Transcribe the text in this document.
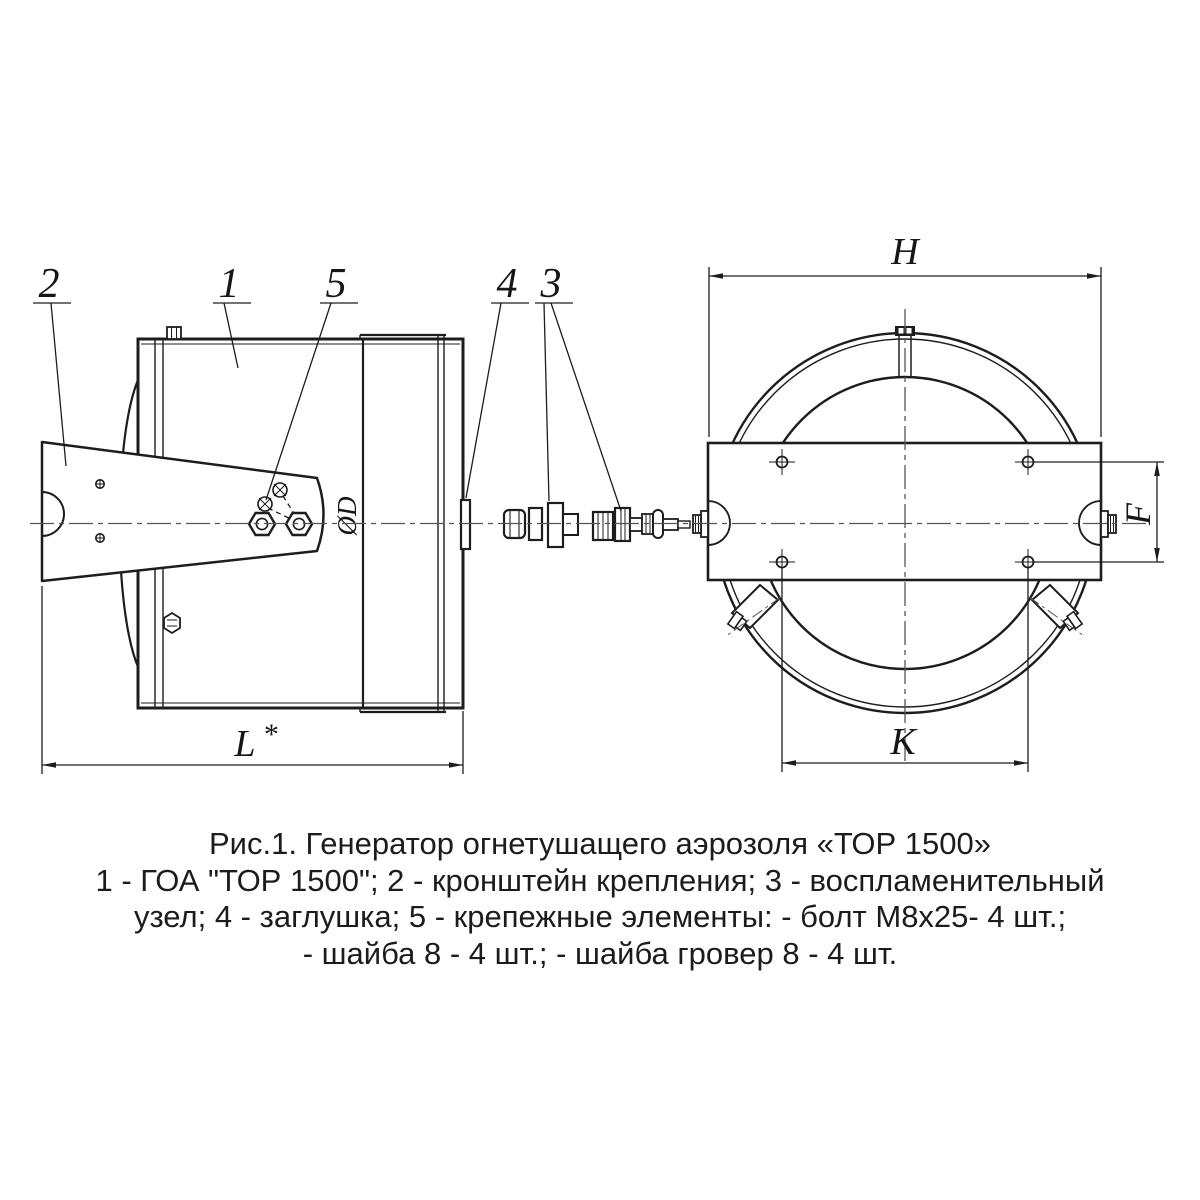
ØD
L *
H
F
K
2	1 5	4 3

Рис.1. Генератор огнетушащего аэрозоля «ТОР 1500»

1 - ГОА "ТОР 1500"; 2 - кронштейн крепления; 3 - воспламенительный

узел; 4 - заглушка; 5 - крепежные элементы: - болт М8х25- 4 шт.;

- шайба 8 - 4 шт.; - шайба гровер 8 - 4 шт.
